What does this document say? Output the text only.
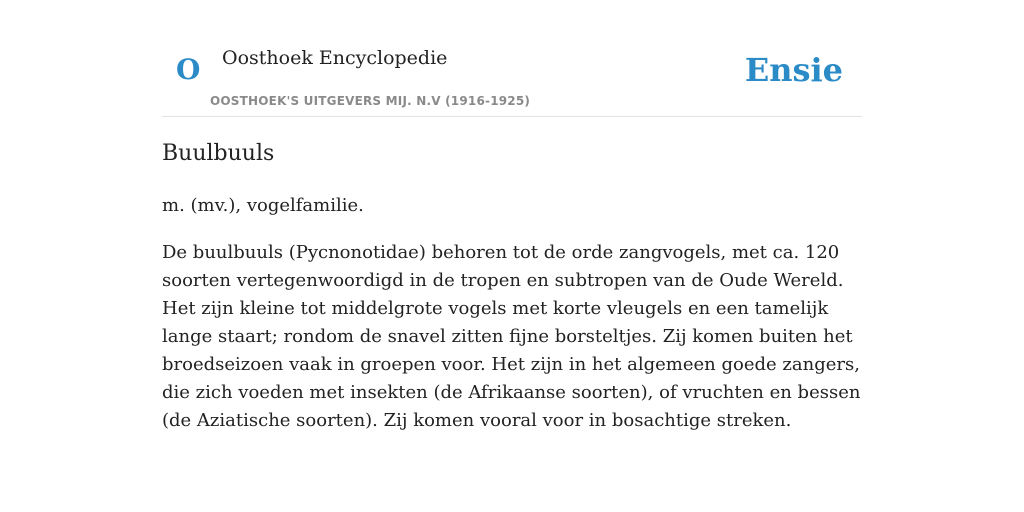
O Oosthoek Encyclopedie
OOSTHOEK'S UITGEVERS MIJ. N.V (1916-1925)
Ensie
Buulbuuls

m. (mv.), vogelfamilie.

De buulbuuls (Pycnonotidae) behoren tot de orde zangvogels, met ca. 120 soorten vertegenwoordigd in de tropen en subtropen van de Oude Wereld. Het zijn kleine tot middelgrote vogels met korte vleugels en een tamelijk lange staart; rondom de snavel zitten fijne borsteltjes. Zij komen buiten het broedseizoen vaak in groepen voor. Het zijn in het algemeen goede zangers, die zich voeden met insekten (de Afrikaanse soorten), of vruchten en bessen (de Aziatische soorten). Zij komen vooral voor in bosachtige streken.
